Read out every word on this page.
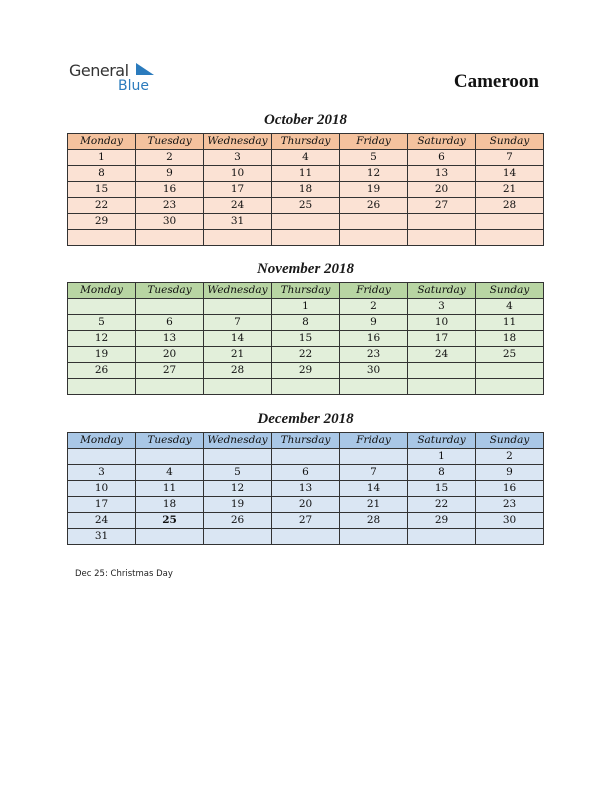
General
Blue	Cameroon
October 2018
Monday	Tuesday	Wednesday	Thursday	Friday	Saturday	Sunday
1	2	3	4	5	6	7
8	9	10	11	12	13	14
15	16	17	18	19	20	21
22	23	24	25	26	27	28
29	30	31				

November 2018
Monday	Tuesday	Wednesday	Thursday	Friday	Saturday	Sunday
			1	2	3	4
5	6	7	8	9	10	11
12	13	14	15	16	17	18
19	20	21	22	23	24	25
26	27	28	29	30		

December 2018
Monday	Tuesday	Wednesday	Thursday	Friday	Saturday	Sunday
					1	2
3	4	5	6	7	8	9
10	11	12	13	14	15	16
17	18	19	20	21	22	23
24	25	26	27	28	29	30
31						
Dec 25: Christmas Day
